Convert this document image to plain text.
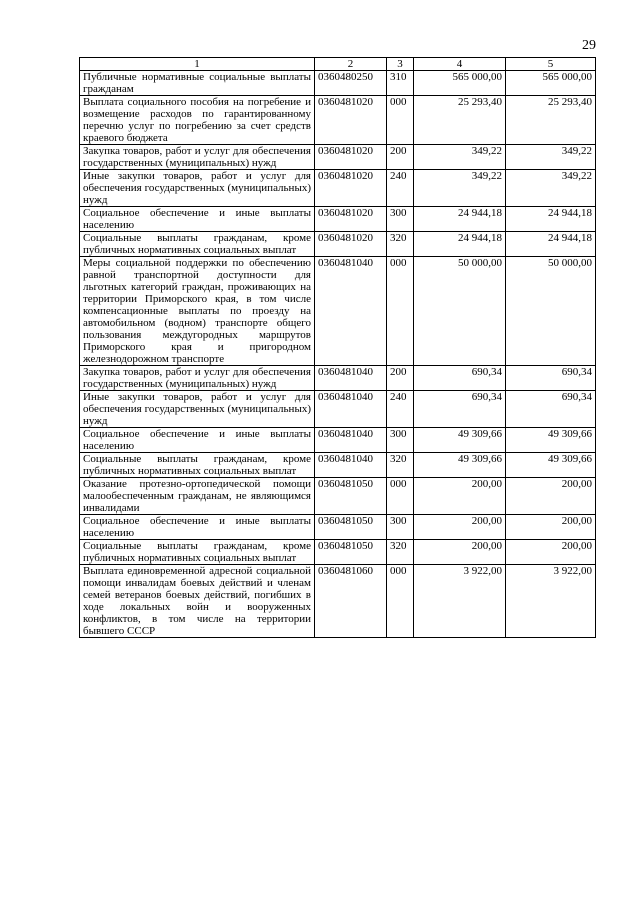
29
1	2	3	4	5
Публичные нормативные социальные выплаты гражданам	0360480250	310	565 000,00	565 000,00
Выплата социального пособия на погребение и возмещение расходов по гарантированному перечню услуг по погребению за счет средств краевого бюджета	0360481020	000	25 293,40	25 293,40
Закупка товаров, работ и услуг для обеспечения государственных (муниципальных) нужд	0360481020	200	349,22	349,22
Иные закупки товаров, работ и услуг для обеспечения государственных (муниципальных) нужд	0360481020	240	349,22	349,22
Социальное обеспечение и иные выплаты населению	0360481020	300	24 944,18	24 944,18
Социальные выплаты гражданам, кроме публичных нормативных социальных выплат	0360481020	320	24 944,18	24 944,18
Меры социальной поддержки по обеспечению равной транспортной доступности для льготных категорий граждан, проживающих на территории Приморского края, в том числе компенсационные выплаты по проезду на автомобильном (водном) транспорте общего пользования междугородных маршрутов Приморского края и пригородном железнодорожном транспорте	0360481040	000	50 000,00	50 000,00
Закупка товаров, работ и услуг для обеспечения государственных (муниципальных) нужд	0360481040	200	690,34	690,34
Иные закупки товаров, работ и услуг для обеспечения государственных (муниципальных) нужд	0360481040	240	690,34	690,34
Социальное обеспечение и иные выплаты населению	0360481040	300	49 309,66	49 309,66
Социальные выплаты гражданам, кроме публичных нормативных социальных выплат	0360481040	320	49 309,66	49 309,66
Оказание протезно-ортопедической помощи малообеспеченным гражданам, не являющимся инвалидами	0360481050	000	200,00	200,00
Социальное обеспечение и иные выплаты населению	0360481050	300	200,00	200,00
Социальные выплаты гражданам, кроме публичных нормативных социальных выплат	0360481050	320	200,00	200,00
Выплата единовременной адресной социальной помощи инвалидам боевых действий и членам семей ветеранов боевых действий, погибших в ходе локальных войн и вооруженных конфликтов, в том числе на территории бывшего СССР	0360481060	000	3 922,00	3 922,00
